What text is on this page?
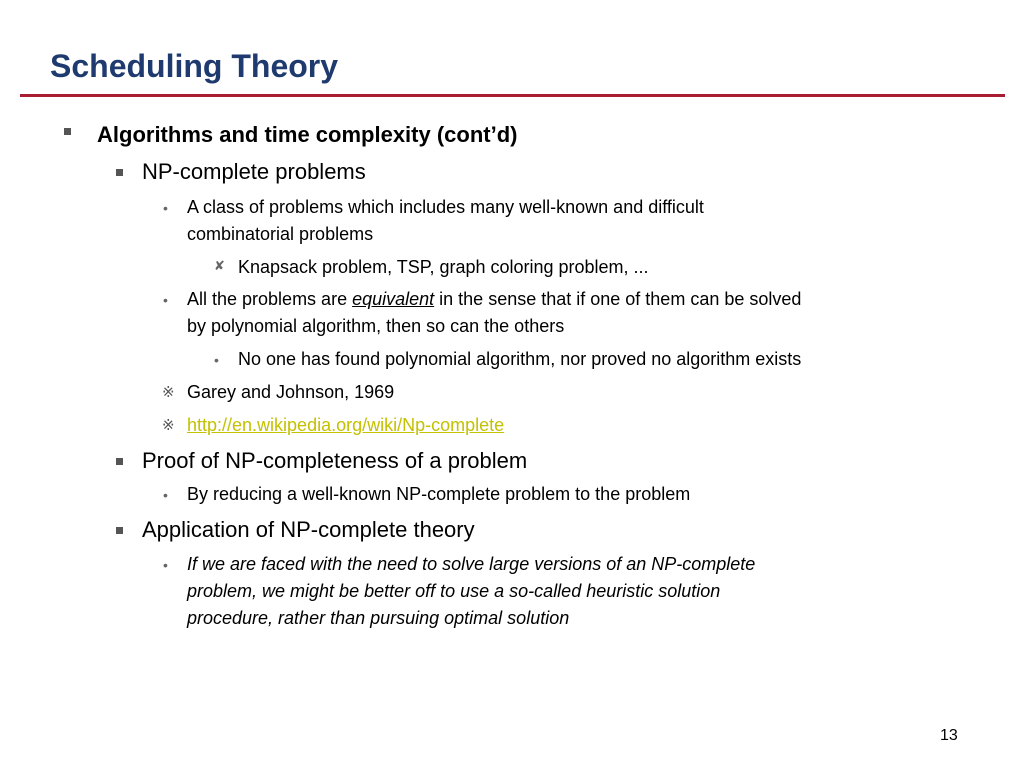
Scheduling Theory
Algorithms and time complexity (cont’d)
NP-complete problems
• A class of problems which includes many well-known and difficult
combinatorial problems
✘ Knapsack problem, TSP, graph coloring problem, ...
• All the problems are equivalent in the sense that if one of them can be solved
by polynomial algorithm, then so can the others
• No one has found polynomial algorithm, nor proved no algorithm exists
※ Garey and Johnson, 1969
※ http://en.wikipedia.org/wiki/Np-complete
Proof of NP-completeness of a problem
• By reducing a well-known NP-complete problem to the problem
Application of NP-complete theory
• If we are faced with the need to solve large versions of an NP-complete
problem, we might be better off to use a so-called heuristic solution
procedure, rather than pursuing optimal solution
13
